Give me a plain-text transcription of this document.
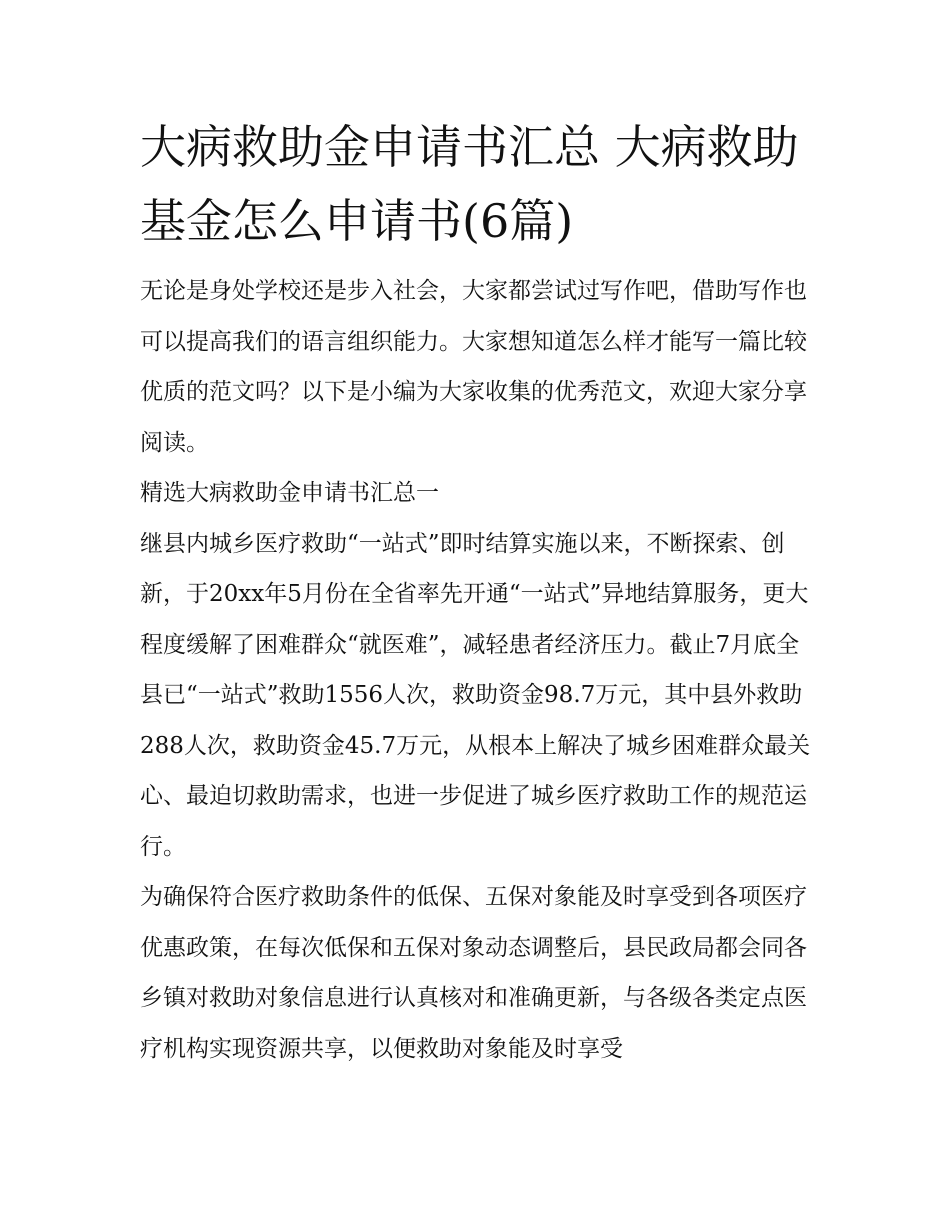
大病救助金申请书汇总 大病救助基金怎么申请书(6篇)

无论是身处学校还是步入社会，大家都尝试过写作吧，借助写作也可以提高我们的语言组织能力。大家想知道怎么样才能写一篇比较优质的范文吗？以下是小编为大家收集的优秀范文，欢迎大家分享阅读。

精选大病救助金申请书汇总一

继县内城乡医疗救助“一站式”即时结算实施以来，不断探索、创新，于20xx年5月份在全省率先开通“一站式”异地结算服务，更大程度缓解了困难群众“就医难”，减轻患者经济压力。截止7月底全县已“一站式”救助1556人次，救助资金98.7万元，其中县外救助288人次，救助资金45.7万元，从根本上解决了城乡困难群众最关心、最迫切救助需求，也进一步促进了城乡医疗救助工作的规范运行。

为确保符合医疗救助条件的低保、五保对象能及时享受到各项医疗优惠政策，在每次低保和五保对象动态调整后，县民政局都会同各乡镇对救助对象信息进行认真核对和准确更新，与各级各类定点医疗机构实现资源共享，以便救助对象能及时享受
